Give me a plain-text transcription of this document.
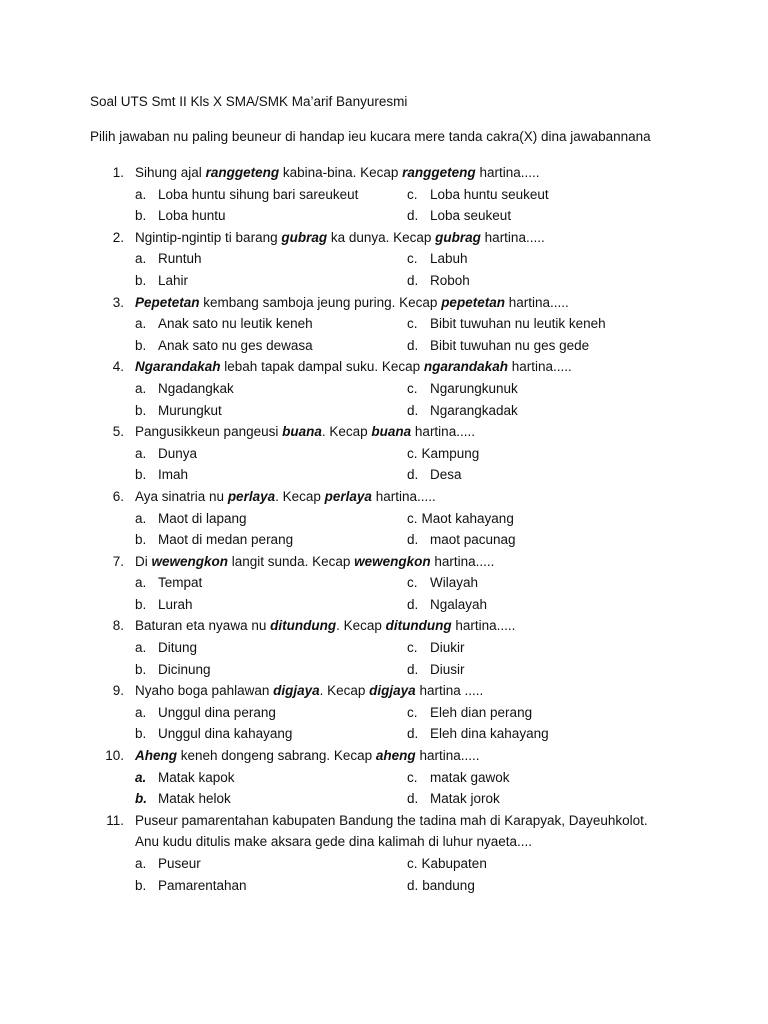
Soal UTS Smt II Kls X SMA/SMK Ma’arif Banyuresmi
Pilih jawaban nu paling beuneur di handap ieu kucara mere tanda cakra(X) dina jawabannana
1. Sihung ajal ranggeteng kabina-bina. Kecap ranggeteng hartina.....
a. Loba huntu sihung bari sareukeut	c. Loba huntu seukeut
b. Loba huntu	d. Loba seukeut
2. Ngintip-ngintip ti barang gubrag ka dunya. Kecap gubrag hartina.....
a. Runtuh	c. Labuh
b. Lahir	d. Roboh
3. Pepetetan kembang samboja jeung puring. Kecap pepetetan hartina.....
a. Anak sato nu leutik keneh	c. Bibit tuwuhan nu leutik keneh
b. Anak sato nu ges dewasa	d. Bibit tuwuhan nu ges gede
4. Ngarandakah lebah tapak dampal suku. Kecap ngarandakah hartina.....
a. Ngadangkak	c. Ngarungkunuk
b. Murungkut	d. Ngarangkadak
5. Pangusikkeun pangeusi buana. Kecap buana hartina.....
a. Dunya	c. Kampung
b. Imah	d. Desa
6. Aya sinatria nu perlaya. Kecap perlaya hartina.....
a. Maot di lapang	c. Maot kahayang
b. Maot di medan perang	d. maot pacunag
7. Di wewengkon langit sunda. Kecap wewengkon hartina.....
a. Tempat	c. Wilayah
b. Lurah	d. Ngalayah
8. Baturan eta nyawa nu ditundung. Kecap ditundung hartina.....
a. Ditung	c. Diukir
b. Dicinung	d. Diusir
9. Nyaho boga pahlawan digjaya. Kecap digjaya hartina .....
a. Unggul dina perang	c. Eleh dian perang
b. Unggul dina kahayang	d. Eleh dina kahayang
10. Aheng keneh dongeng sabrang. Kecap aheng hartina.....
a. Matak kapok	c. matak gawok
b. Matak helok	d. Matak jorok
11. Puseur pamarentahan kabupaten Bandung the tadina mah di Karapyak, Dayeuhkolot.
Anu kudu ditulis make aksara gede dina kalimah di luhur nyaeta....
a. Puseur	c. Kabupaten
b. Pamarentahan	d. bandung
